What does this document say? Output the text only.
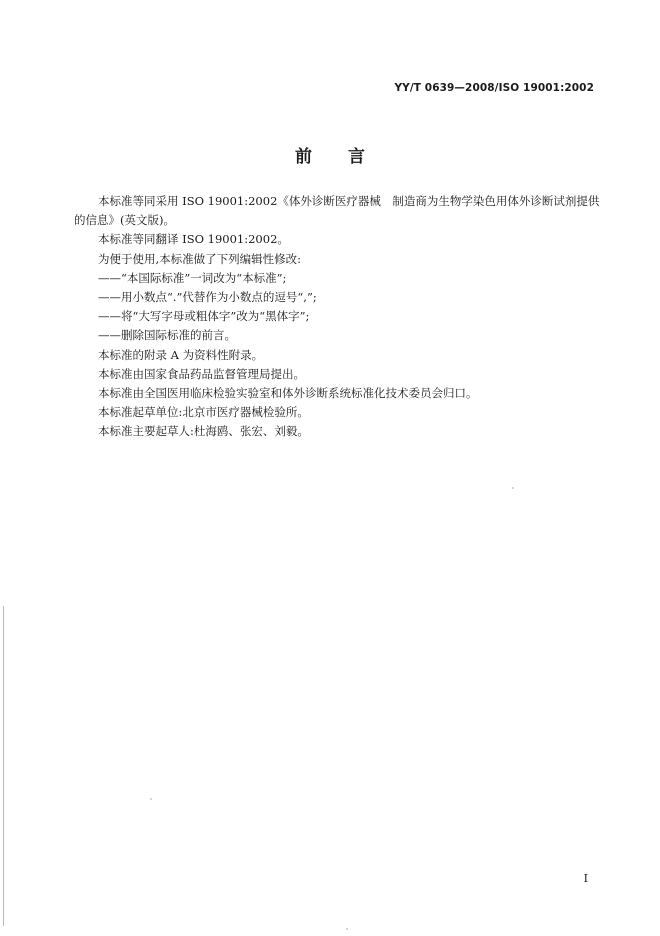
YY/T 0639—2008/ISO 19001:2002
前言

本标准等同采用 ISO 19001:2002《体外诊断医疗器械　制造商为生物学染色用体外诊断试剂提供

的信息》(英文版)。

本标准等同翻译 ISO 19001:2002。

为便于使用,本标准做了下列编辑性修改:

——“本国际标准”一词改为“本标准”;

——用小数点“.”代替作为小数点的逗号“,”;

——将“大写字母或粗体字”改为“黑体字”;

——删除国际标准的前言。

本标准的附录 A 为资料性附录。

本标准由国家食品药品监督管理局提出。

本标准由全国医用临床检验实验室和体外诊断系统标准化技术委员会归口。

本标准起草单位:北京市医疗器械检验所。

本标准主要起草人:杜海鸥、张宏、刘毅。

I
